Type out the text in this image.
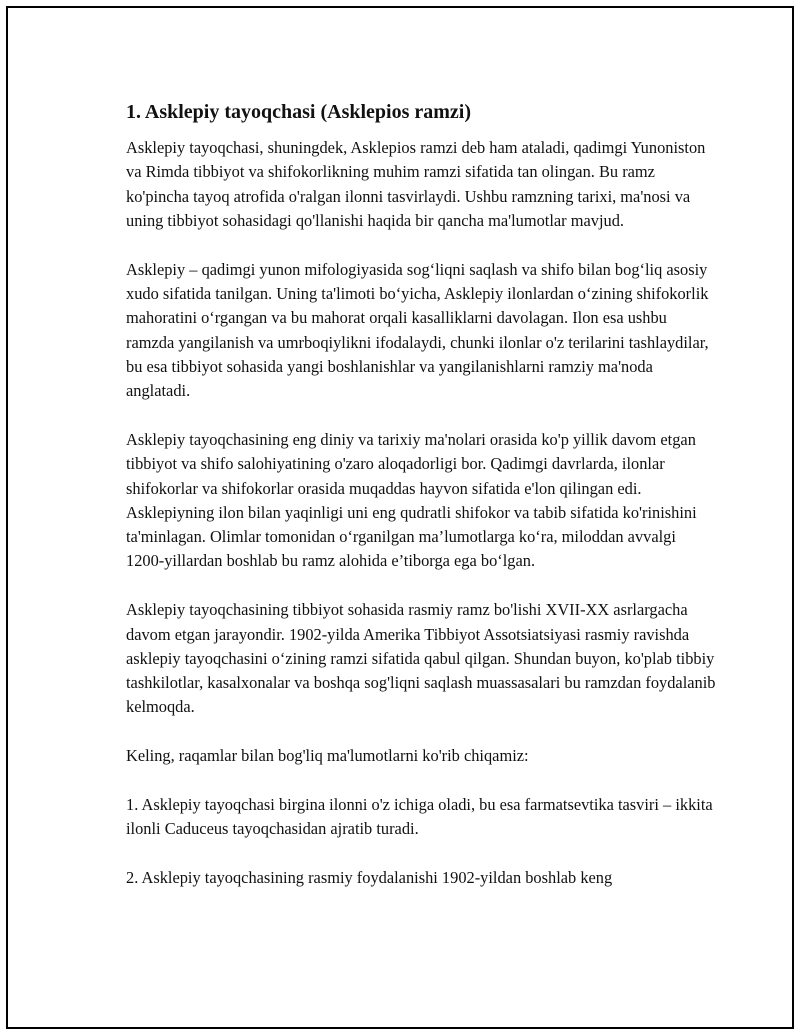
1. Asklepiy tayoqchasi (Asklepios ramzi)

Asklepiy tayoqchasi, shuningdek, Asklepios ramzi deb ham ataladi, qadimgi Yunoniston va Rimda tibbiyot va shifokorlikning muhim ramzi sifatida tan olingan. Bu ramz ko'pincha tayoq atrofida o'ralgan ilonni tasvirlaydi. Ushbu ramzning tarixi, ma'nosi va uning tibbiyot sohasidagi qo'llanishi haqida bir qancha ma'lumotlar mavjud.

Asklepiy – qadimgi yunon mifologiyasida sog‘liqni saqlash va shifo bilan bog‘liq asosiy xudo sifatida tanilgan. Uning ta'limoti bo‘yicha, Asklepiy ilonlardan o‘zining shifokorlik mahoratini o‘rgangan va bu mahorat orqali kasalliklarni davolagan. Ilon esa ushbu ramzda yangilanish va umrboqiylikni ifodalaydi, chunki ilonlar o'z terilarini tashlaydilar, bu esa tibbiyot sohasida yangi boshlanishlar va yangilanishlarni ramziy ma'noda anglatadi.

Asklepiy tayoqchasining eng diniy va tarixiy ma'nolari orasida ko'p yillik davom etgan tibbiyot va shifo salohiyatining o'zaro aloqadorligi bor. Qadimgi davrlarda, ilonlar shifokorlar va shifokorlar orasida muqaddas hayvon sifatida e'lon qilingan edi. Asklepiyning ilon bilan yaqinligi uni eng qudratli shifokor va tabib sifatida ko'rinishini ta'minlagan. Olimlar tomonidan o‘rganilgan ma’lumotlarga ko‘ra, miloddan avvalgi 1200-yillardan boshlab bu ramz alohida e’tiborga ega bo‘lgan.

Asklepiy tayoqchasining tibbiyot sohasida rasmiy ramz bo'lishi XVII-XX asrlargacha davom etgan jarayondir. 1902-yilda Amerika Tibbiyot Assotsiatsiyasi rasmiy ravishda asklepiy tayoqchasini o‘zining ramzi sifatida qabul qilgan. Shundan buyon, ko'plab tibbiy tashkilotlar, kasalxonalar va boshqa sog'liqni saqlash muassasalari bu ramzdan foydalanib kelmoqda.

Keling, raqamlar bilan bog'liq ma'lumotlarni ko'rib chiqamiz:

1. Asklepiy tayoqchasi birgina ilonni o'z ichiga oladi, bu esa farmatsevtika tasviri – ikkita ilonli Caduceus tayoqchasidan ajratib turadi.

2. Asklepiy tayoqchasining rasmiy foydalanishi 1902-yildan boshlab keng
